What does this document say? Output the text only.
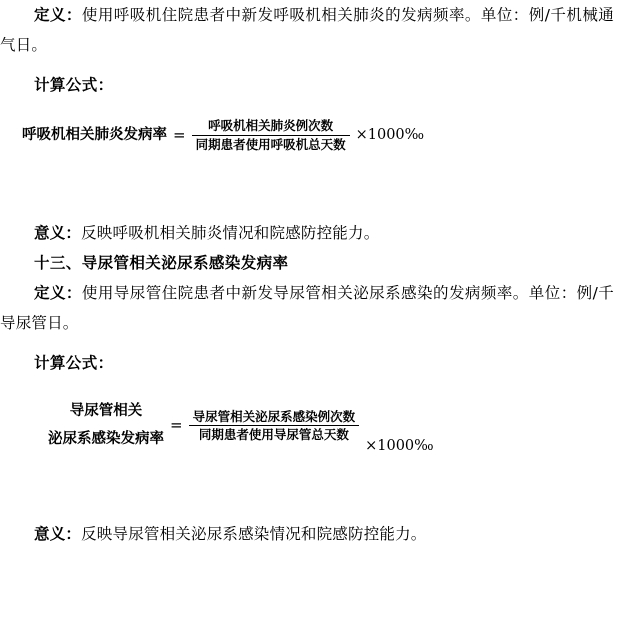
定义：使用呼吸机住院患者中新发呼吸机相关肺炎的发病频率。单位：例/千机械通气日。

计算公式：

呼吸机相关肺炎发病率 = $\frac{\text{呼吸机相关肺炎例次数}}{\text{同期患者使用呼吸机总天数}}$ ×1000‰

意义：反映呼吸机相关肺炎情况和院感防控能力。

十三、导尿管相关泌尿系感染发病率

定义：使用导尿管住院患者中新发导尿管相关泌尿系感染的发病频率。单位：例/千导尿管日。

计算公式：

导尿管相关
泌尿系感染发病率
= $\frac{\text{导尿管相关泌尿系感染例次数}}{\text{同期患者使用导尿管总天数}}$
×1000‰

意义：反映导尿管相关泌尿系感染情况和院感防控能力。
